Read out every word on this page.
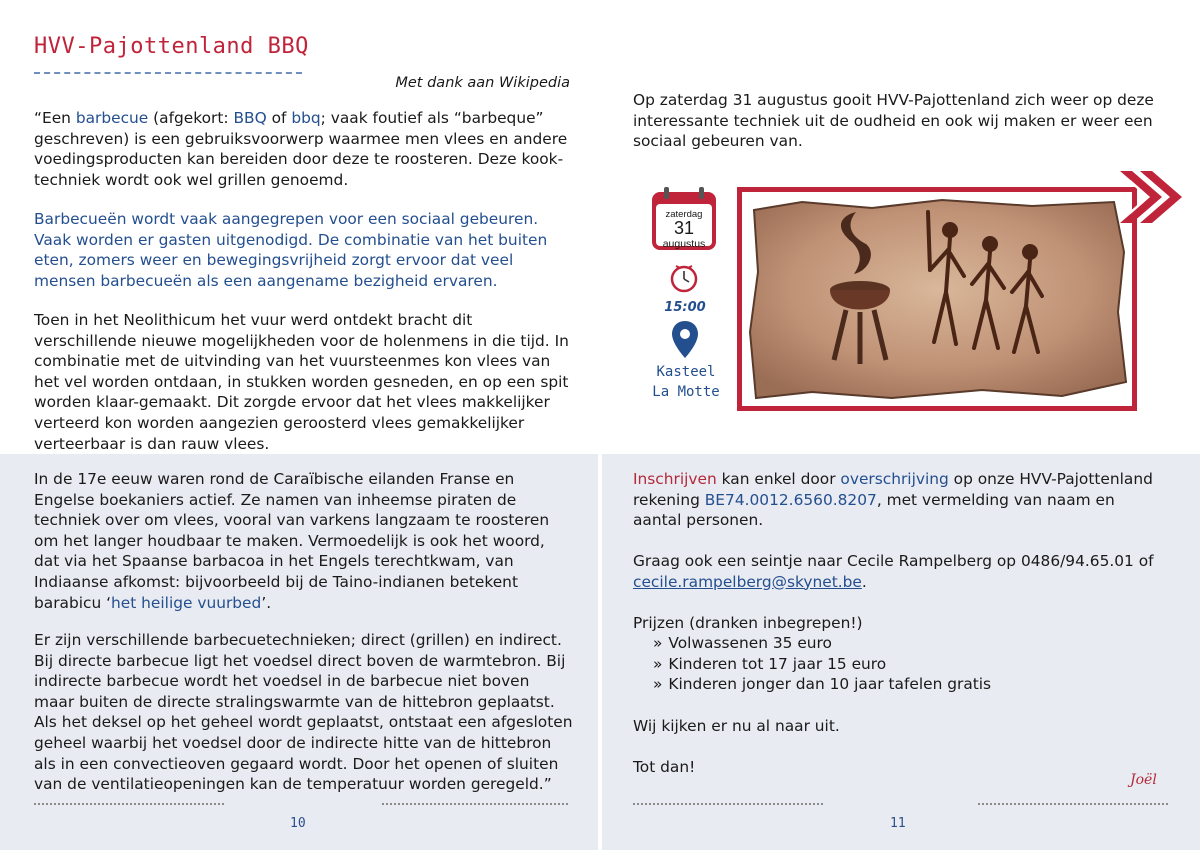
HVV-Pajottenland BBQ
Met dank aan Wikipedia
“Een barbecue (afgekort: BBQ of bbq; vaak foutief als “barbeque” geschreven) is een gebruiksvoorwerp waarmee men vlees en andere voedingsproducten kan bereiden door deze te roosteren. Deze kook-techniek wordt ook wel grillen genoemd.
Barbecueën wordt vaak aangegrepen voor een sociaal gebeuren. Vaak worden er gasten uitgenodigd. De combinatie van het buiten eten, zomers weer en bewegingsvrijheid zorgt ervoor dat veel mensen barbecueën als een aangename bezigheid ervaren.
Toen in het Neolithicum het vuur werd ontdekt bracht dit verschillende nieuwe mogelijkheden voor de holenmens in die tijd. In combinatie met de uitvinding van het vuursteenmes kon vlees van het vel worden ontdaan, in stukken worden gesneden, en op een spit worden klaar-gemaakt. Dit zorgde ervoor dat het vlees makkelijker verteerd kon worden aangezien geroosterd vlees gemakkelijker verteerbaar is dan rauw vlees.
In de 17e eeuw waren rond de Caraïbische eilanden Franse en Engelse boekaniers actief. Ze namen van inheemse piraten de techniek over om vlees, vooral van varkens langzaam te roosteren om het langer houdbaar te maken. Vermoedelijk is ook het woord, dat via het Spaanse barbacoa in het Engels terechtkwam, van Indiaanse afkomst: bijvoorbeeld bij de Taino-indianen betekent barabicu ‘het heilige vuurbed’.
Er zijn verschillende barbecuetechnieken; direct (grillen) en indirect. Bij directe barbecue ligt het voedsel direct boven de warmtebron. Bij indirecte barbecue wordt het voedsel in de barbecue niet boven maar buiten de directe stralingswarmte van de hittebron geplaatst. Als het deksel op het geheel wordt geplaatst, ontstaat een afgesloten geheel waarbij het voedsel door de indirecte hitte van de hittebron als in een convectieoven gegaard wordt. Door het openen of sluiten van de ventilatieopeningen kan de temperatuur worden geregeld.”
10
Op zaterdag 31 augustus gooit HVV-Pajottenland zich weer op deze interessante techniek uit de oudheid en ook wij maken er weer een sociaal gebeuren van.
zaterdag
31
augustus
15:00
Kasteel
La Motte
Inschrijven kan enkel door overschrijving op onze HVV-Pajottenland rekening BE74.0012.6560.8207, met vermelding van naam en aantal personen.
Graag ook een seintje naar Cecile Rampelberg op 0486/94.65.01 of
cecile.rampelberg@skynet.be.
Prijzen (dranken inbegrepen!)
» Volwassenen 35 euro
» Kinderen tot 17 jaar 15 euro
» Kinderen jonger dan 10 jaar tafelen gratis
Wij kijken er nu al naar uit.
Tot dan!
Joël
11
